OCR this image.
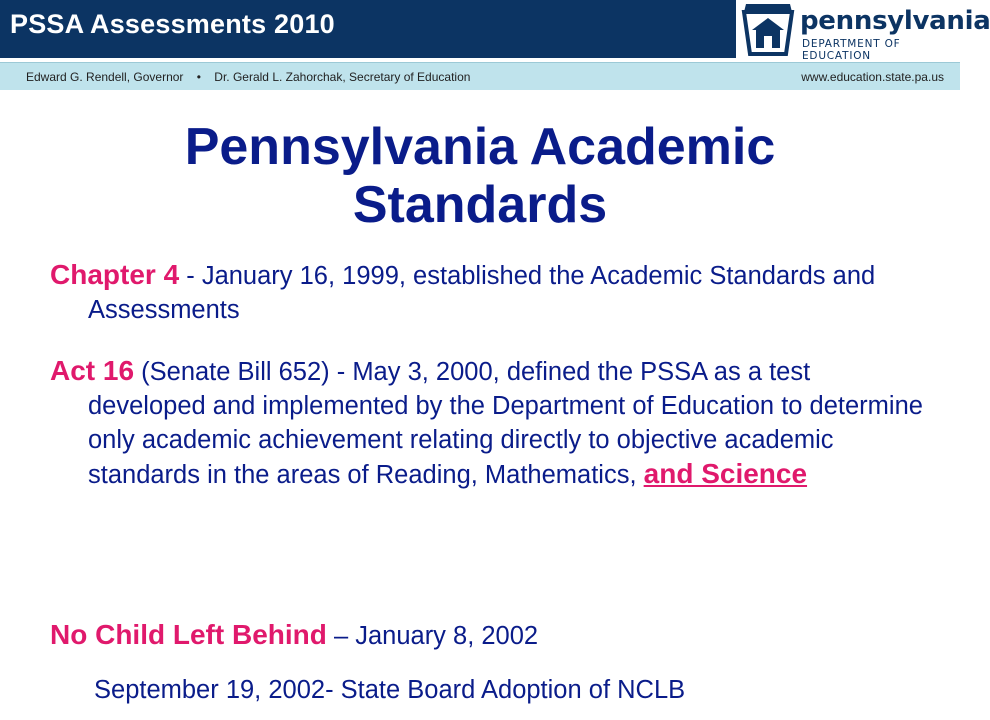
PSSA Assessments 2010	pennsylvania
DEPARTMENT OF EDUCATION
Edward G. Rendell, Governor • Dr. Gerald L. Zahorchak, Secretary of Education	www.education.state.pa.us
Pennsylvania Academic
Standards
Chapter 4 - January 16, 1999, established the Academic Standards and Assessments
Act 16 (Senate Bill 652) - May 3, 2000, defined the PSSA as a test developed and implemented by the Department of Education to determine only academic achievement relating directly to objective academic standards in the areas of Reading, Mathematics, and Science
No Child Left Behind – January 8, 2002
September 19, 2002- State Board Adoption of NCLB
